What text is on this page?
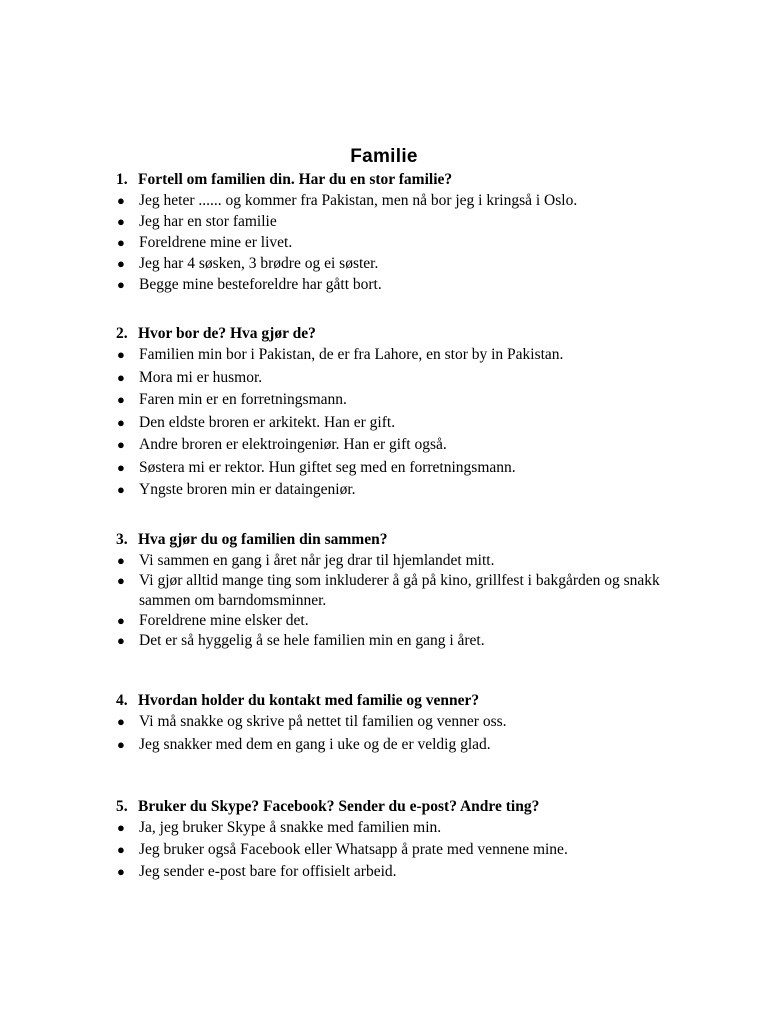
Familie
1. Fortell om familien din. Har du en stor familie?
● Jeg heter ...... og kommer fra Pakistan, men nå bor jeg i kringså i Oslo.
● Jeg har en stor familie
● Foreldrene mine er livet.
● Jeg har 4 søsken, 3 brødre og ei søster.
● Begge mine besteforeldre har gått bort.
2. Hvor bor de? Hva gjør de?
● Familien min bor i Pakistan, de er fra Lahore, en stor by in Pakistan.
● Mora mi er husmor.
● Faren min er en forretningsmann.
● Den eldste broren er arkitekt. Han er gift.
● Andre broren er elektroingeniør. Han er gift også.
● Søstera mi er rektor. Hun giftet seg med en forretningsmann.
● Yngste broren min er dataingeniør.
3. Hva gjør du og familien din sammen?
● Vi sammen en gang i året når jeg drar til hjemlandet mitt.
● Vi gjør alltid mange ting som inkluderer å gå på kino, grillfest i bakgården og snakk sammen om barndomsminner.
● Foreldrene mine elsker det.
● Det er så hyggelig å se hele familien min en gang i året.
4. Hvordan holder du kontakt med familie og venner?
● Vi må snakke og skrive på nettet til familien og venner oss.
● Jeg snakker med dem en gang i uke og de er veldig glad.
5. Bruker du Skype? Facebook? Sender du e-post? Andre ting?
● Ja, jeg bruker Skype å snakke med familien min.
● Jeg bruker også Facebook eller Whatsapp å prate med vennene mine.
● Jeg sender e-post bare for offisielt arbeid.
